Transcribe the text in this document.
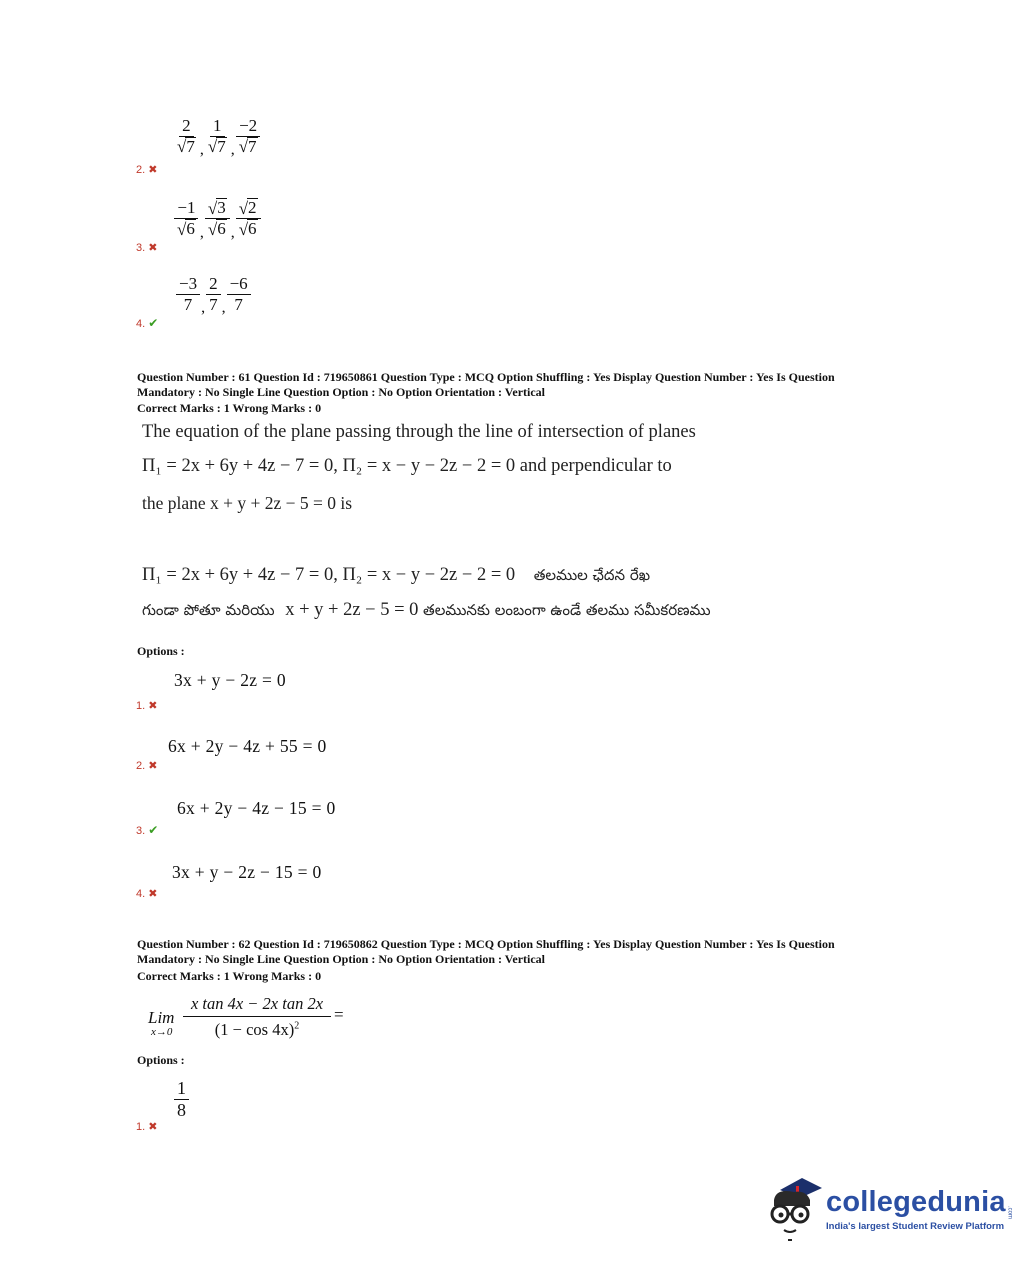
$\frac{2}{√ 7}$ , $\frac{1}{√ 7}$ , $\frac{-2}{√ 7}$
2. ✖
$\frac{-1}{√ 6}$ , $\frac{√ 3}{√ 6}$ , $\frac{√ 2}{√ 6}$
3. ✖
$\frac{-3}{7}$ , $\frac{2}{7}$ , $\frac{-6}{7}$
4. ✔
Question Number : 61 Question Id : 719650861 Question Type : MCQ Option Shuffling : Yes Display Question Number : Yes Is Question
Mandatory : No Single Line Question Option : No Option Orientation : Vertical
Correct Marks : 1 Wrong Marks : 0
The equation of the plane passing through the line of intersection of planes
Π₁ = 2x + 6y + 4z − 7 = 0, Π₂ = x − y − 2z − 2 = 0 and perpendicular to
the plane x + y + 2z − 5 = 0 is
Π₁ = 2x + 6y + 4z − 7 = 0, Π₂ = x − y − 2z − 2 = 0 తలముల ఛేదన రేఖ
గుండా పోతూ మరియు x + y + 2z − 5 = 0 తలమునకు లంబంగా ఉండే తలము సమీకరణము
Options :
3x + y − 2z = 0
1. ✖
6x + 2y − 4z + 55 = 0
2. ✖
6x + 2y − 4z − 15 = 0
3. ✔
3x + y − 2z − 15 = 0
4. ✖
Question Number : 62 Question Id : 719650862 Question Type : MCQ Option Shuffling : Yes Display Question Number : Yes Is Question
Mandatory : No Single Line Question Option : No Option Orientation : Vertical
Correct Marks : 1 Wrong Marks : 0
Lim
$x\to 0 \frac{\text{x tan 4x − 2x tan 2x}}{(1 - \cos 4x)^2}$ =
Options :
$\frac{1}{8}$
1. ✖
collegedunia .com
India's largest Student Review Platform
